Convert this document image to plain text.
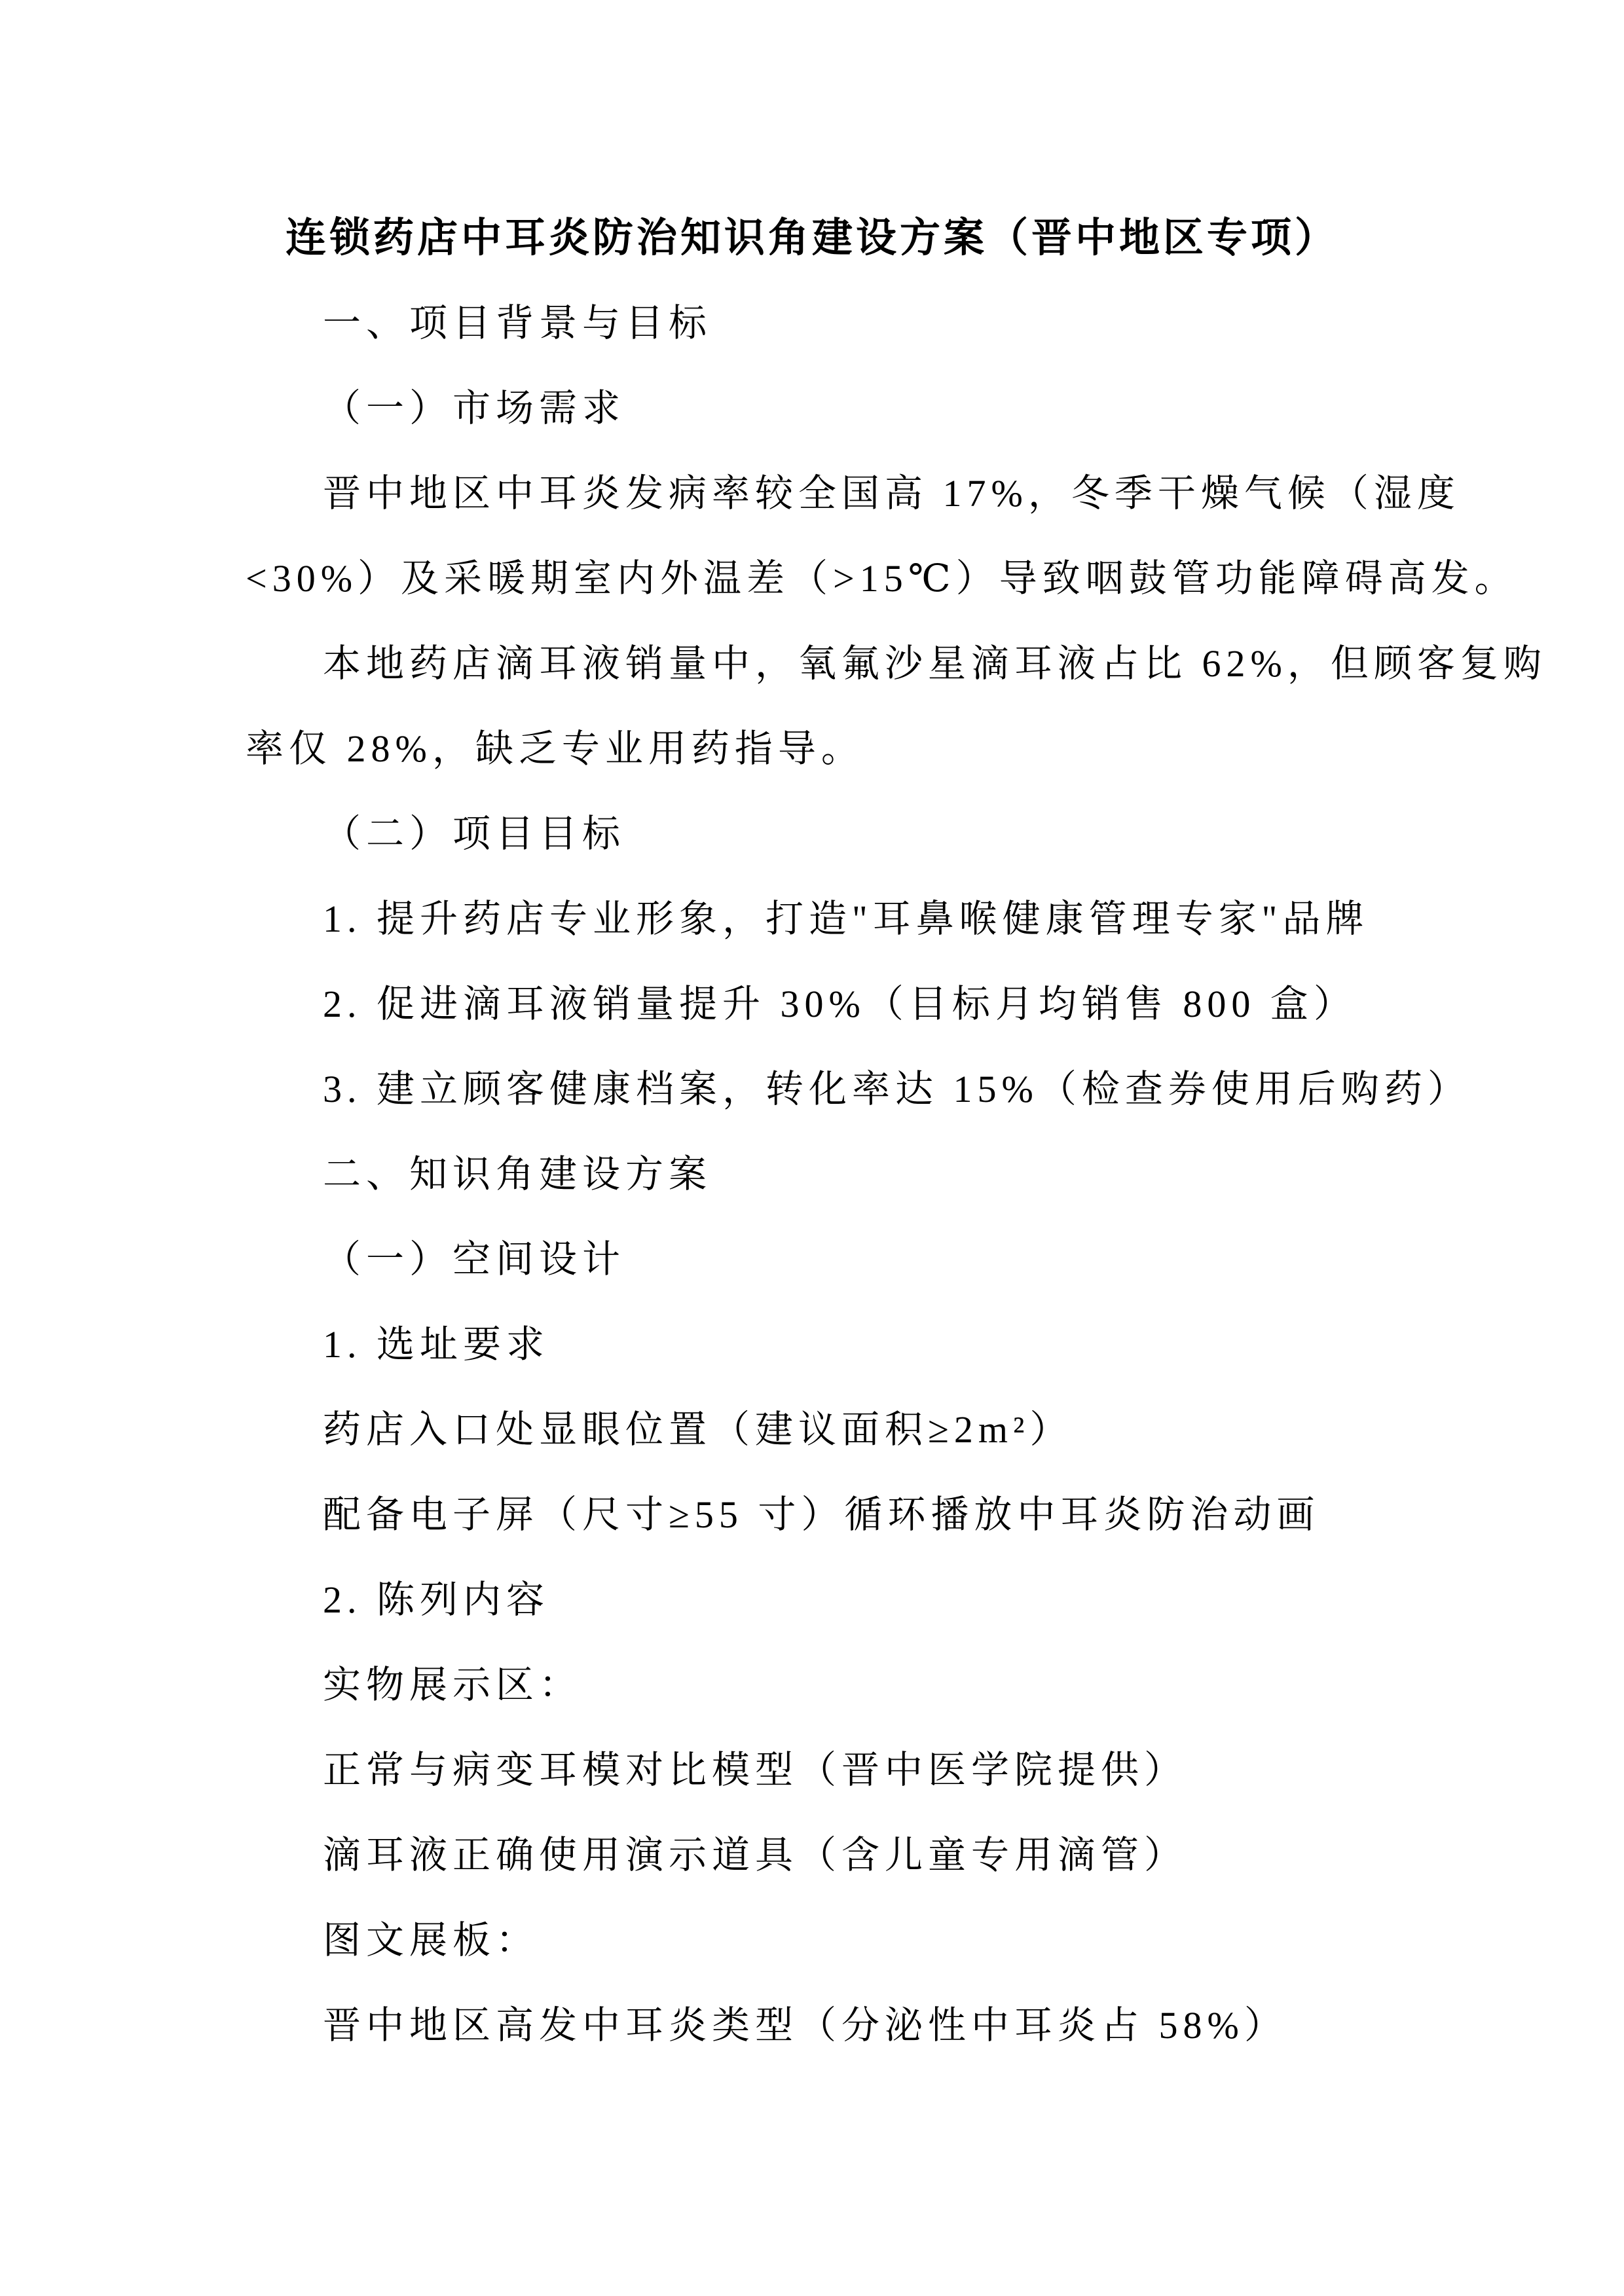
连锁药店中耳炎防治知识角建设方案（晋中地区专项）

一、项目背景与目标

（一）市场需求

晋中地区中耳炎发病率较全国高 17%，冬季干燥气候（湿度

<30%）及采暖期室内外温差（>15℃）导致咽鼓管功能障碍高发。

本地药店滴耳液销量中，氧氟沙星滴耳液占比 62%，但顾客复购

率仅 28%，缺乏专业用药指导。

（二）项目目标

1. 提升药店专业形象，打造"耳鼻喉健康管理专家"品牌

2. 促进滴耳液销量提升 30%（目标月均销售 800 盒）

3. 建立顾客健康档案，转化率达 15%（检查券使用后购药）

二、知识角建设方案

（一）空间设计

1. 选址要求

药店入口处显眼位置（建议面积≥2m²）

配备电子屏（尺寸≥55 寸）循环播放中耳炎防治动画

2. 陈列内容

实物展示区：

正常与病变耳模对比模型（晋中医学院提供）

滴耳液正确使用演示道具（含儿童专用滴管）

图文展板：

晋中地区高发中耳炎类型（分泌性中耳炎占 58%）
